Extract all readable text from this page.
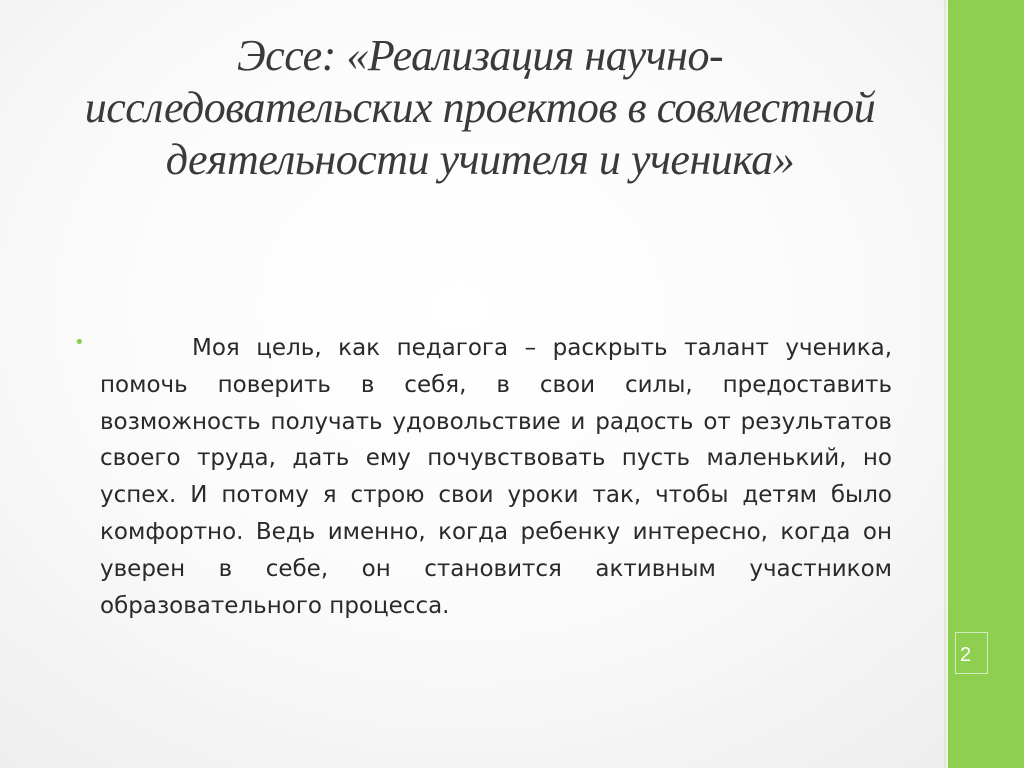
Эссе: «Реализация научно-исследовательских проектов в совместной деятельности учителя и ученика»
•	Моя цель, как педагога – раскрыть талант ученика, помочь поверить в себя, в свои силы, предоставить возможность получать удовольствие и радость от результатов своего труда, дать ему почувствовать пусть маленький, но успех. И потому я строю свои уроки так, чтобы детям было комфортно. Ведь именно, когда ребенку интересно, когда он уверен в себе, он становится активным участником образовательного процесса.

2
